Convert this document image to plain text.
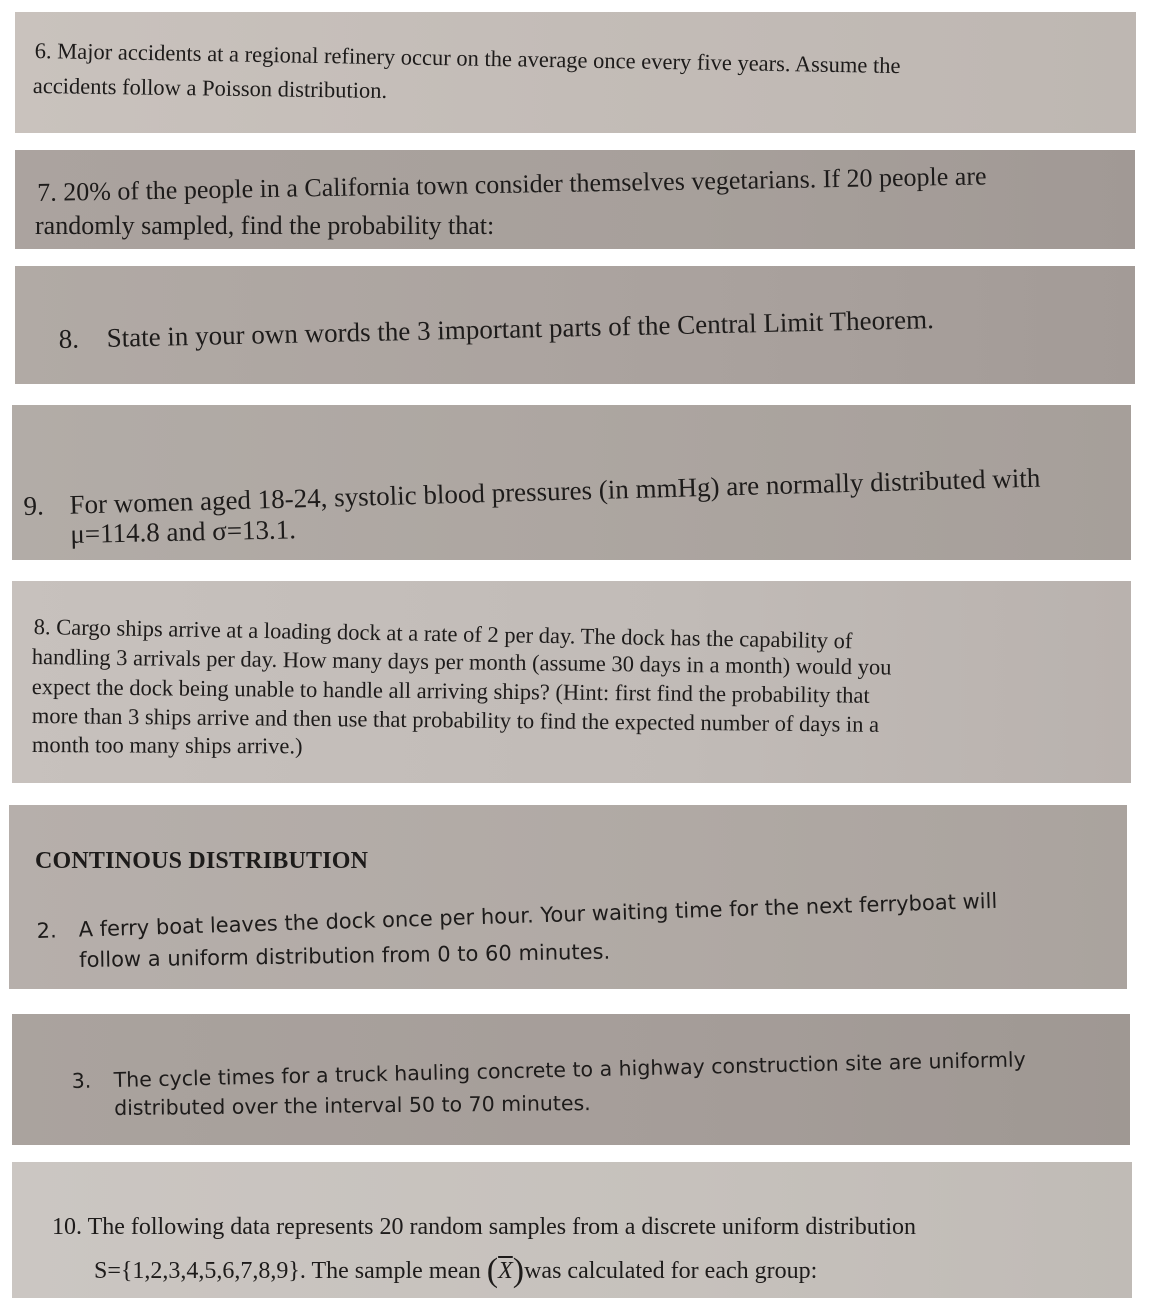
6. Major accidents at a regional refinery occur on the average once every five years. Assume the
accidents follow a Poisson distribution.
7. 20% of the people in a California town consider themselves vegetarians. If 20 people are
randomly sampled, find the probability that:
8. State in your own words the 3 important parts of the Central Limit Theorem.
9. For women aged 18-24, systolic blood pressures (in mmHg) are normally distributed with
μ=114.8 and σ=13.1.
8. Cargo ships arrive at a loading dock at a rate of 2 per day. The dock has the capability of
handling 3 arrivals per day. How many days per month (assume 30 days in a month) would you
expect the dock being unable to handle all arriving ships? (Hint: first find the probability that
more than 3 ships arrive and then use that probability to find the expected number of days in a
month too many ships arrive.)
CONTINOUS DISTRIBUTION
2. A ferry boat leaves the dock once per hour. Your waiting time for the next ferryboat will
follow a uniform distribution from 0 to 60 minutes.
3. The cycle times for a truck hauling concrete to a highway construction site are uniformly
distributed over the interval 50 to 70 minutes.
10. The following data represents 20 random samples from a discrete uniform distribution
S={1,2,3,4,5,6,7,8,9}. The sample mean $(\overline{X})was$ calculated for each group:
